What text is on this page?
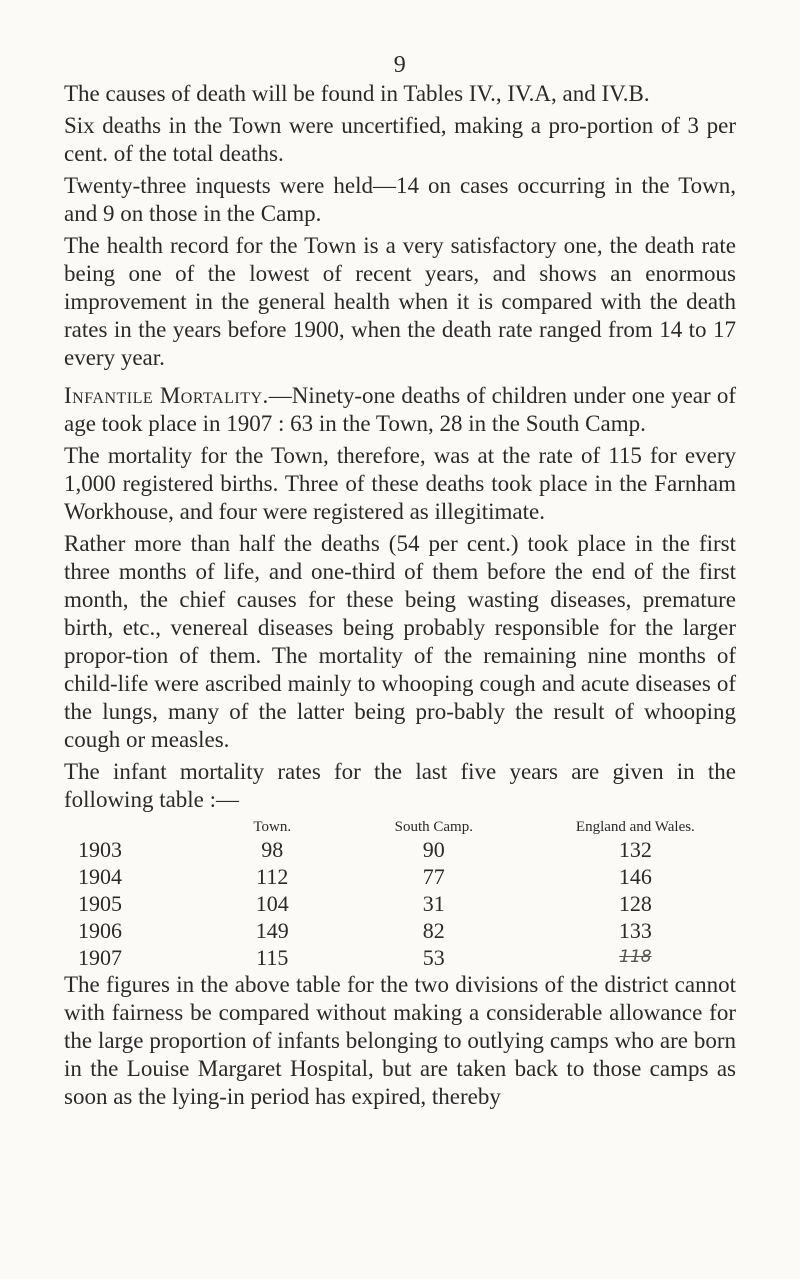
9

The causes of death will be found in Tables IV., IV.A, and IV.B.

Six deaths in the Town were uncertified, making a pro-portion of 3 per cent. of the total deaths.

Twenty-three inquests were held—14 on cases occurring in the Town, and 9 on those in the Camp.

The health record for the Town is a very satisfactory one, the death rate being one of the lowest of recent years, and shows an enormous improvement in the general health when it is compared with the death rates in the years before 1900, when the death rate ranged from 14 to 17 every year.

Infantile Mortality.—Ninety-one deaths of children under one year of age took place in 1907 : 63 in the Town, 28 in the South Camp.

The mortality for the Town, therefore, was at the rate of 115 for every 1,000 registered births. Three of these deaths took place in the Farnham Workhouse, and four were registered as illegitimate.

Rather more than half the deaths (54 per cent.) took place in the first three months of life, and one-third of them before the end of the first month, the chief causes for these being wasting diseases, premature birth, etc., venereal diseases being probably responsible for the larger propor-tion of them. The mortality of the remaining nine months of child-life were ascribed mainly to whooping cough and acute diseases of the lungs, many of the latter being pro-bably the result of whooping cough or measles.

The infant mortality rates for the last five years are given in the following table :—

	Town.	South Camp.	England and Wales.
1903	98	90	132
1904	112	77	146
1905	104	31	128
1906	149	82	133
1907	115	53	118

The figures in the above table for the two divisions of the district cannot with fairness be compared without making a considerable allowance for the large proportion of infants belonging to outlying camps who are born in the Louise Margaret Hospital, but are taken back to those camps as soon as the lying-in period has expired, thereby
